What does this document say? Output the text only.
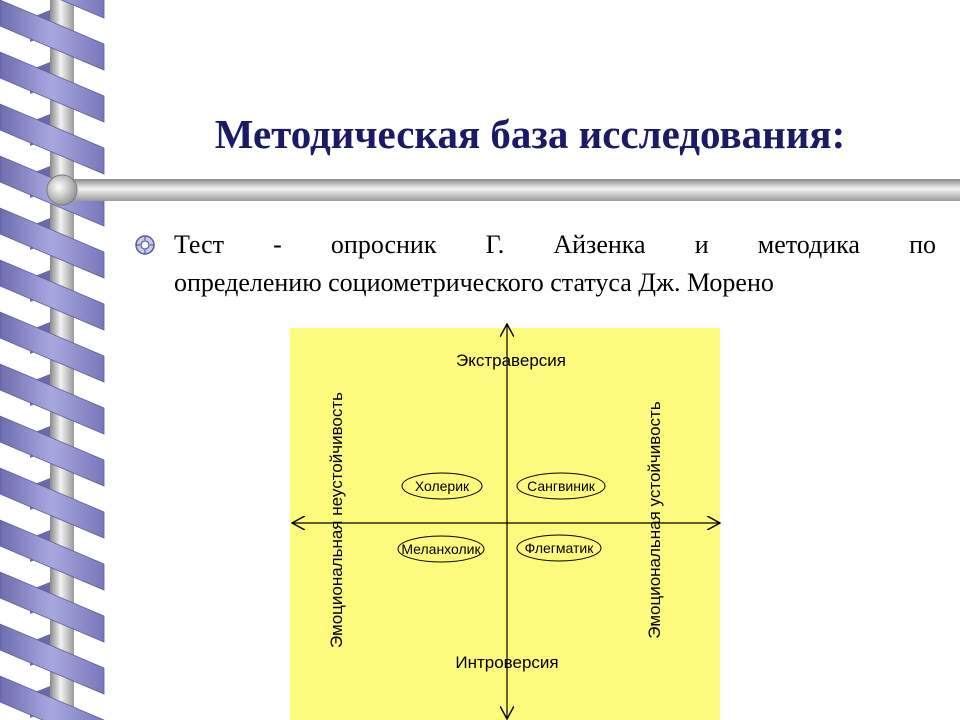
Методическая база исследования:
Тест - опросник Г. Айзенка и методика по
определению социометрического статуса Дж. Морено
Экстраверсия
Интроверсия
Эмоциональная неустойчивость	Эмоциональная устойчивость
Холерик	Сангвиник
Меланхолик	Флегматик
